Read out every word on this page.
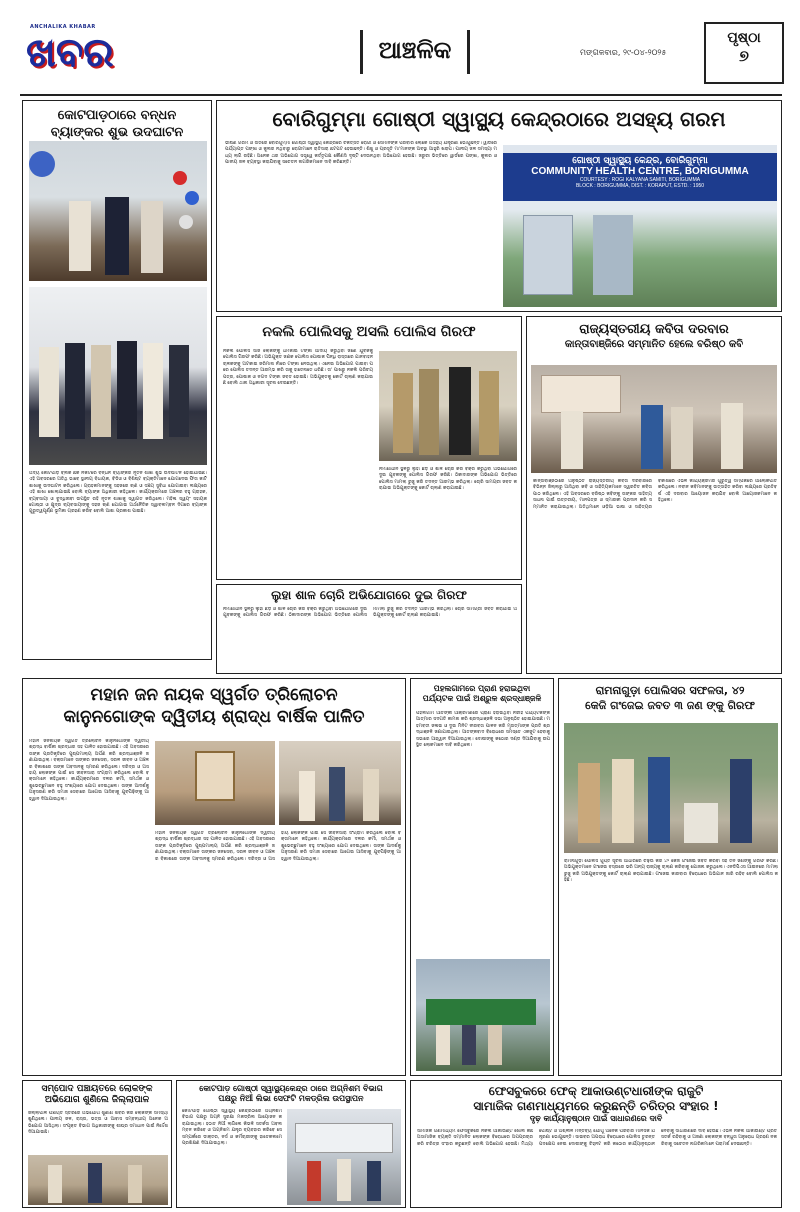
ANCHALIKA KHABAR
ଖବର	ଆଞ୍ଚଳିକ	ମଙ୍ଗଳବାର, ୨୯-୦୪-୨୦୨୫
ପୃଷ୍ଠା
୭
କୋଟପାଡ଼ଠାରେ ବନ୍ଧନ
ବ୍ୟାଙ୍କର ଶୁଭ ଉଦଘାଟନ
ଅଦ୍ୟ କୋଟପାଡ଼ ବ୍ଲକ ଛକ ନିକଟରେ ବନ୍ଧନ ବ୍ୟାଙ୍କର ନୂତନ ଶାଖା ଶୁଭ ଉଦଘାଟନ ହୋଇଯାଇଛି। ଏହି ଅବସରରେ ଅତିଥି ଭାବେ ସ୍ଥାନୀୟ ବିଧାୟକ, ବିଡିଓ ଓ ବିଶିଷ୍ଟ ବ୍ୟକ୍ତିମାନେ ଯୋଗଦେଇ ଫିତା କାଟି ଶାଖାକୁ ଉଦଘାଟନ କରିଥିଲେ। ଗ୍ରାହକମାନଙ୍କୁ ସହଜରେ ଋଣ ଓ ସଞ୍ଚୟ ସୁବିଧା ଯୋଗାଇବା ଲକ୍ଷ୍ୟରେ ଏହି ଶାଖା ଖୋଲାଯାଇଛି ବୋଲି ବ୍ୟାଙ୍କ ଅଧିକାରୀ କହିଥିଲେ। କାର୍ଯ୍ୟକ୍ରମରେ ଅଞ୍ଚଳର ବହୁ ଗ୍ରାହକ, ବ୍ୟବସାୟୀ ଓ ବୁଦ୍ଧିଜୀବୀ ଉପସ୍ଥିତ ରହି ନୂତନ ଶାଖାକୁ ସ୍ୱାଗତ କରିଥିଲେ। ମହିଳା ସ୍ୱୟଂ ସହାୟକ ଗୋଷ୍ଠୀ ଓ କ୍ଷୁଦ୍ର ବ୍ୟବସାୟୀଙ୍କୁ ସହଜ ଋଣ ଯୋଗାଇ ଅର୍ଥନୈତିକ ସ୍ୱାବଲମ୍ବନ ଦିଗରେ ବ୍ୟାଙ୍କ ଗୁରୁତ୍ୱପୂର୍ଣ୍ଣ ଭୂମିକା ଗ୍ରହଣ କରିବ ବୋଲି ଆଶା ପ୍ରକାଶ ପାଇଛି।
ବୋରିଗୁମ୍ମା ଗୋଷ୍ଠୀ ସ୍ୱାସ୍ଥ୍ୟ କେନ୍ଦ୍ରଠାରେ ଅସହ୍ୟ ଗରମ
ଭୀଷଣ ଗରମ ଓ ତାତିରେ ବୋରିଗୁମ୍ମା ଗୋଷ୍ଠୀ ସ୍ୱାସ୍ଥ୍ୟ କେନ୍ଦ୍ରରେ ଚିକିତ୍ସିତ ରୋଗୀ ଓ ସେମାନଙ୍କ ପରିବାର ଲୋକେ ଅସହ୍ୟ ଯନ୍ତ୍ରଣା ଭୋଗୁଛନ୍ତି। ୱାର୍ଡରେ ପର୍ଯ୍ୟାପ୍ତ ପଙ୍ଖା ଓ କୁଲର ନଥିବାରୁ ରୋଗୀମାନେ ରାତିସାରା ଛଟପଟ ହେଉଛନ୍ତି। ଶିଶୁ ଓ ପ୍ରସୂତି ମା'ମାନଙ୍କ ଅବସ୍ଥା ଆହୁରି ଖରାପ। ପାନୀୟ ଜଳ ସମସ୍ୟା ମଧ୍ୟ ଲାଗି ରହିଛି। ଅନେକ ଥର ଅଭିଯୋଗ ସତ୍ତ୍ୱେ କର୍ତ୍ତୃପକ୍ଷ କୌଣସି ଦୃଷ୍ଟି ଦେଉନଥିବା ଅଭିଯୋଗ ହେଉଛି। ଜରୁରୀ ଭିତ୍ତିରେ ୱାର୍ଡରେ ପଙ୍ଖା, କୁଲର ଓ ପାନୀୟ ଜଳ ବ୍ୟବସ୍ଥା କରାଯିବାକୁ ସଚେତନ ନାଗରିକମାନେ ଦାବି କରିଛନ୍ତି।	ଗୋଷ୍ଠୀ ସ୍ୱାସ୍ଥ୍ୟ କେନ୍ଦ୍ର, ବୋରିଗୁମ୍ମା
COMMUNITY HEALTH CENTRE, BORIGUMMA
COURTESY : ROGI KALYANA SAMITI, BORIGUMMA
BLOCK : BORIGUMMA, DIST. : KORAPUT, ESTD. : 1950
ନକଲି ପୋଲିସକୁ ଅସଲି ପୋଲିସ ଗିରଫ
ନକଲି ପୋଲିସ ସାଜି ଲୋକଙ୍କୁ ଧମକାଇ ଟଙ୍କା ଆଦାୟ କରୁଥିବା ଜଣେ ଯୁବକକୁ ପୋଲିସ ଗିରଫ କରିଛି। ଅଭିଯୁକ୍ତ ଜଣକ ପୋଲିସ ପୋଷାକ ପିନ୍ଧି ରାସ୍ତାରେ ଯାନବାହନ ଚାଳକଙ୍କୁ ଅଟକାଇ ଜରିମାନା ନାଁରେ ଟଙ୍କା ନେଉଥିଲା। ଏନେଇ ଅଭିଯୋଗ ପାଇବା ପରେ ପୋଲିସ ତଦନ୍ତ ଆରମ୍ଭ କରି ତାକୁ ହାତେନାତେ ଧରିଛି। ତା' ପାଖରୁ ନକଲି ପରିଚୟପତ୍ର, ପୋଷାକ ଓ ନଗଦ ଟଙ୍କା ଜବତ ହୋଇଛି। ଅଭିଯୁକ୍ତକୁ କୋର୍ଟ ଚାଲାଣ କରାଯାଇଛି ବୋଲି ଥାନା ଅଧିକାରୀ ସୂଚନା ଦେଇଛନ୍ତି।
ନିର୍ମାଣାଧୀନ ସ୍ଥଳରୁ ଲୁହା ଛଡ଼ ଓ ଶାଳ ଚୋରି କରି ବିକ୍ରି କରୁଥିବା ଅଭିଯୋଗରେ ଦୁଇ ଯୁବକଙ୍କୁ ପୋଲିସ ଗିରଫ କରିଛି। ଠିକାଦାରଙ୍କ ଅଭିଯୋଗ ଭିତ୍ତିରେ ପୋଲିସ ମାମଲା ରୁଜୁ କରି ତଦନ୍ତ ଆରମ୍ଭ କରିଥିଲା। ଚୋରି ସାମଗ୍ରୀ ଜବତ କରାଯାଇ ଅଭିଯୁକ୍ତଙ୍କୁ କୋର୍ଟ ଚାଲାଣ କରାଯାଇଛି।
ଲୁହା ଶାଳ ଚୋରି ଅଭିଯୋଗରେ ଦୁଇ ଗିରଫ
ନିର୍ମାଣାଧୀନ ସ୍ଥଳରୁ ଲୁହା ଛଡ଼ ଓ ଶାଳ ଚୋରି କରି ବିକ୍ରି କରୁଥିବା ଅଭିଯୋଗରେ ଦୁଇ ଯୁବକଙ୍କୁ ପୋଲିସ ଗିରଫ କରିଛି। ଠିକାଦାରଙ୍କ ଅଭିଯୋଗ ଭିତ୍ତିରେ ପୋଲିସ ମାମଲା ରୁଜୁ କରି ତଦନ୍ତ ଆରମ୍ଭ କରିଥିଲା। ଚୋରି ସାମଗ୍ରୀ ଜବତ କରାଯାଇ ଅଭିଯୁକ୍ତଙ୍କୁ କୋର୍ଟ ଚାଲାଣ କରାଯାଇଛି।
ରାଜ୍ୟସ୍ତରୀୟ କବିତା ଦରବାର
କାନ୍ତାବାଞ୍ଜିରେ ସମ୍ମାନିତ ହେଲେ ବରିଷ୍ଠ କବି
କାନ୍ତାବାଞ୍ଜିଠାରେ ଅନୁଷ୍ଠିତ ରାଜ୍ୟସ୍ତରୀୟ କବିତା ଦରବାରରେ ବିଭିନ୍ନ ଜିଲ୍ଲାରୁ ଆସିଥିବା କବି ଓ ସାହିତ୍ୟିକମାନେ ସ୍ୱରଚିତ କବିତା ପାଠ କରିଥିଲେ। ଏହି ଅବସରରେ ବରିଷ୍ଠ କବିଙ୍କୁ ତାଙ୍କର ସାହିତ୍ୟ ସାଧନା ପାଇଁ ଉତ୍ତରୀୟ, ମାନପତ୍ର ଓ ସ୍ମାରକୀ ପ୍ରଦାନ କରି ସମ୍ମାନିତ କରାଯାଇଥିଲା। ଅତିଥିମାନେ ଓଡ଼ିଆ ଭାଷା ଓ ସାହିତ୍ୟର ବିକାଶରେ ଏଭଳି କାର୍ଯ୍ୟକ୍ରମର ଗୁରୁତ୍ୱ ସମ୍ପର୍କରେ ଆଲୋକପାତ କରିଥିଲେ। ନବୀନ କବିମାନଙ୍କୁ ଉତ୍ସାହିତ କରିବା ଲକ୍ଷ୍ୟରେ ପ୍ରତିବର୍ଷ ଏହି ଦରବାର ଆୟୋଜନ କରାଯିବ ବୋଲି ଆୟୋଜକମାନେ କହିଥିଲେ।
ମହାନ ଜନ ନାୟକ ସ୍ୱର୍ଗତ ତ୍ରିଲୋଚନ
କାନୁନଗୋଙ୍କ ଦ୍ୱିତୀୟ ଶ୍ରାଦ୍ଧ ବାର୍ଷିକ ପାଳିତ
ମହାନ ଜନନାୟକ ସ୍ୱର୍ଗତ ତ୍ରିଲୋଚନ କାନୁନଗୋଙ୍କ ଦ୍ୱିତୀୟ ଶ୍ରାଦ୍ଧ ବାର୍ଷିକୀ ଶ୍ରଦ୍ଧାର ସହ ପାଳିତ ହୋଇଯାଇଛି। ଏହି ଅବସରରେ ତାଙ୍କ ପ୍ରତିକୃତିରେ ପୁଷ୍ପମାଲ୍ୟ ଅର୍ପଣ କରି ଶ୍ରଦ୍ଧାଞ୍ଜଳି ଜଣାଯାଇଥିଲା। ବକ୍ତାମାନେ ତାଙ୍କର ଜନସେବା, ସରଳ ଜୀବନ ଓ ଅଞ୍ଚଳର ବିକାଶରେ ତାଙ୍କ ଅବଦାନକୁ ସ୍ମରଣ କରିଥିଲେ। ଦରିଦ୍ର ଓ ଅସହାୟ ଲୋକଙ୍କ ପାଇଁ ସେ ଜୀବନସାରା ସଂଗ୍ରାମ କରିଥିଲେ ବୋଲି ବକ୍ତାମାନେ କହିଥିଲେ। କାର୍ଯ୍ୟକ୍ରମରେ ଦଳର କର୍ମୀ, ସମର୍ଥକ ଓ ଶୁଭେଚ୍ଛୁମାନେ ବହୁ ସଂଖ୍ୟାରେ ଯୋଗ ଦେଇଥିଲେ। ତାଙ୍କ ଆଦର୍ଶକୁ ଅନୁସରଣ କରି ସମାଜ ସେବାରେ ଆଗେଇ ଆସିବାକୁ ଯୁବପିଢ଼ିଙ୍କୁ ଆହ୍ୱାନ ଦିଆଯାଇଥିଲା।
ମହାନ ଜନନାୟକ ସ୍ୱର୍ଗତ ତ୍ରିଲୋଚନ କାନୁନଗୋଙ୍କ ଦ୍ୱିତୀୟ ଶ୍ରାଦ୍ଧ ବାର୍ଷିକୀ ଶ୍ରଦ୍ଧାର ସହ ପାଳିତ ହୋଇଯାଇଛି। ଏହି ଅବସରରେ ତାଙ୍କ ପ୍ରତିକୃତିରେ ପୁଷ୍ପମାଲ୍ୟ ଅର୍ପଣ କରି ଶ୍ରଦ୍ଧାଞ୍ଜଳି ଜଣାଯାଇଥିଲା। ବକ୍ତାମାନେ ତାଙ୍କର ଜନସେବା, ସରଳ ଜୀବନ ଓ ଅଞ୍ଚଳର ବିକାଶରେ ତାଙ୍କ ଅବଦାନକୁ ସ୍ମରଣ କରିଥିଲେ। ଦରିଦ୍ର ଓ ଅସହାୟ ଲୋକଙ୍କ ପାଇଁ ସେ ଜୀବନସାରା ସଂଗ୍ରାମ କରିଥିଲେ ବୋଲି ବକ୍ତାମାନେ କହିଥିଲେ। କାର୍ଯ୍ୟକ୍ରମରେ ଦଳର କର୍ମୀ, ସମର୍ଥକ ଓ ଶୁଭେଚ୍ଛୁମାନେ ବହୁ ସଂଖ୍ୟାରେ ଯୋଗ ଦେଇଥିଲେ। ତାଙ୍କ ଆଦର୍ଶକୁ ଅନୁସରଣ କରି ସମାଜ ସେବାରେ ଆଗେଇ ଆସିବାକୁ ଯୁବପିଢ଼ିଙ୍କୁ ଆହ୍ୱାନ ଦିଆଯାଇଥିଲା।
ପହଲଗାମରେ ପ୍ରାଣ ହରାଇଥିବା
ପର୍ଯ୍ୟଟକ ପାଇଁ ଅଶ୍ରୁଳ ଶ୍ରଦ୍ଧାଞ୍ଜଳି
ପହଲଗାମ ଆତଙ୍କୀ ଆକ୍ରମଣରେ ପ୍ରାଣ ହରାଇଥିବା ନିରୀହ ପର୍ଯ୍ୟଟକଙ୍କ ଆତ୍ମାର ସଦଗତି କାମନା କରି ଶ୍ରଦ୍ଧାଞ୍ଜଳି ସଭା ଅନୁଷ୍ଠିତ ହୋଇଯାଇଛି। ମହମବତୀ ଜଳାଇ ଓ ଦୁଇ ମିନିଟ ନୀରବତା ପାଳନ କରି ମୃତାତ୍ମାଙ୍କ ପ୍ରତି ଶ୍ରଦ୍ଧାଞ୍ଜଳି ଜଣାଯାଇଥିଲା। ଆତଙ୍କବାଦ ବିରୋଧରେ ସମସ୍ତେ ଏକଜୁଟ ହେବାକୁ ସଭାରେ ଆହ୍ୱାନ ଦିଆଯାଇଥିଲା। ଦୋଷୀଙ୍କୁ କଠୋର ଦଣ୍ଡ ଦିଆଯିବାକୁ ଉପସ୍ଥିତ ଲୋକମାନେ ଦାବି କରିଥିଲେ।
ରାମନାଗୁଡ଼ା ପୋଲିସର ସଫଳତା, ୪୨
କେଜି ଗଂଜେଇ ଜବତ ୩ ଜଣ ଙ୍କୁ ଗିରଫ
ରାମନାଗୁଡ଼ା ପୋଲିସ ଗୁପ୍ତ ସୂଚନା ଆଧାରରେ ଚଢ଼ଉ କରି ୪୨ କେଜି ଗଂଜେଇ ଜବତ କରିବା ସହ ତିନି ଜଣଙ୍କୁ ଗିରଫ କରିଛି। ଅଭିଯୁକ୍ତମାନେ ଗଂଜେଇ ବସ୍ତାରେ ଭରି ଅନ୍ୟ ରାଜ୍ୟକୁ ଚାଲାଣ କରିବାକୁ ଯୋଜନା କରୁଥିଲେ। ଏନଡିପିଏସ ଆଇନରେ ମାମଲା ରୁଜୁ କରି ଅଭିଯୁକ୍ତଙ୍କୁ କୋର୍ଟ ଚାଲାଣ କରାଯାଇଛି। ଗଂଜେଇ କାରବାର ବିରୋଧରେ ଅଭିଯାନ ଜାରି ରହିବ ବୋଲି ପୋଲିସ କହିଛି।
ସମ୍ପୋଦ ପଞ୍ଚାୟତରେ ଲୋକଙ୍କ
ଅଭିଯୋଗ ଶୁଣିଲେ ଜିଲ୍ଲାପାଳ
ଜିଲ୍ଲାପାଳ ପଞ୍ଚାୟତ ସ୍ତରରେ ଅଭିଯୋଗ ଶୁଣାଣି ଶିବିର କରି ଲୋକଙ୍କ ସମସ୍ୟା ଶୁଣିଥିଲେ। ପାନୀୟ ଜଳ, ରାସ୍ତା, ଭତ୍ତା ଓ ଆବାସ ସମ୍ବନ୍ଧୀୟ ଅନେକ ଅଭିଯୋଗ ଆସିଥିଲା। ସଂପୃକ୍ତ ବିଭାଗ ଅଧିକାରୀଙ୍କୁ ଶୀଘ୍ର ସମାଧାନ ପାଇଁ ନିର୍ଦ୍ଦେଶ ଦିଆଯାଇଛି।
କୋଟପାଡ଼ ଗୋଷ୍ଠୀ ସ୍ୱାସ୍ଥ୍ୟକେନ୍ଦ୍ର ଠାରେ ଅଗ୍ନିଶମ ବିଭାଗ
ପକ୍ଷରୁ ନିଆଁ ଲିଭା ସେଫଟି ମକଡ୍ରିଲ ଉପସ୍ଥାପନ
କୋଟପାଡ଼ ଗୋଷ୍ଠୀ ସ୍ୱାସ୍ଥ୍ୟ କେନ୍ଦ୍ରଠାରେ ଅଗ୍ନିଶମ ବିଭାଗ ପକ୍ଷରୁ ଅଗ୍ନି ସୁରକ୍ଷା ମକଡ୍ରିଲ ଆୟୋଜନ କରାଯାଇଥିଲା। ହଠାତ ନିଆଁ ଲାଗିଲେ କିଭଳି ସତର୍କତା ଅବଲମ୍ବନ କରିବେ ଓ ଅଗ୍ନିଶମ ଯନ୍ତ୍ର ବ୍ୟବହାର କରିବେ ସେ ସମ୍ପର୍କରେ ଡାକ୍ତର, ନର୍ସ ଓ କର୍ମଚାରୀଙ୍କୁ ହାତେକଲମେ ପ୍ରଶିକ୍ଷଣ ଦିଆଯାଇଥିଲା।
ଫେସବୁକରେ ଫେକ୍ ଆକାଉଣ୍ଟଧାରୀଙ୍କ ରାଜୁଟି
ସାମାଜିକ ଗଣମାଧ୍ୟମରେ କରୁଛନ୍ତି ଚରିତ୍ର ସଂହାର !
ଦୃଢ଼ କାର୍ଯ୍ୟାନୁଷ୍ଠାନ ପାଇଁ ସାଧାରଣରେ ଦାବି
ସାମାଜିକ ଗଣମାଧ୍ୟମ ଫେସବୁକରେ ନକଲି ଆକାଉଣ୍ଟ ଖୋଲି କିଛି ଅସାମାଜିକ ବ୍ୟକ୍ତି ସମ୍ମାନିତ ଲୋକଙ୍କ ବିରୋଧରେ ଅପପ୍ରଚାର କରି ଚରିତ୍ର ସଂହାର କରୁଛନ୍ତି ବୋଲି ଅଭିଯୋଗ ହେଉଛି। ମିଥ୍ୟା ପୋଷ୍ଟ ଓ ଅଶ୍ଳୀଳ ମନ୍ତବ୍ୟ ଯୋଗୁଁ ଅନେକ ପରିବାର ମାନସିକ ଯନ୍ତ୍ରଣା ଭୋଗୁଛନ୍ତି। ସାଇବର ଅପରାଧ ବିରୋଧରେ ପୋଲିସ ତୁରନ୍ତ ପଦକ୍ଷେପ ନେଇ ଦୋଷୀଙ୍କୁ ଚିହ୍ନଟ କରି କଠୋର କାର୍ଯ୍ୟାନୁଷ୍ଠାନ ନେବାକୁ ସାଧାରଣରେ ଦାବି ହେଉଛି। ଏଭଳି ନକଲି ଆକାଉଣ୍ଟ ପ୍ରତି ସତର୍କ ରହିବାକୁ ଓ ଅଜଣା ଲୋକଙ୍କ ବନ୍ଧୁତା ଅନୁରୋଧ ଗ୍ରହଣ ନକରିବାକୁ ସଚେତନ ନାଗରିକମାନେ ପରାମର୍ଶ ଦେଇଛନ୍ତି।
